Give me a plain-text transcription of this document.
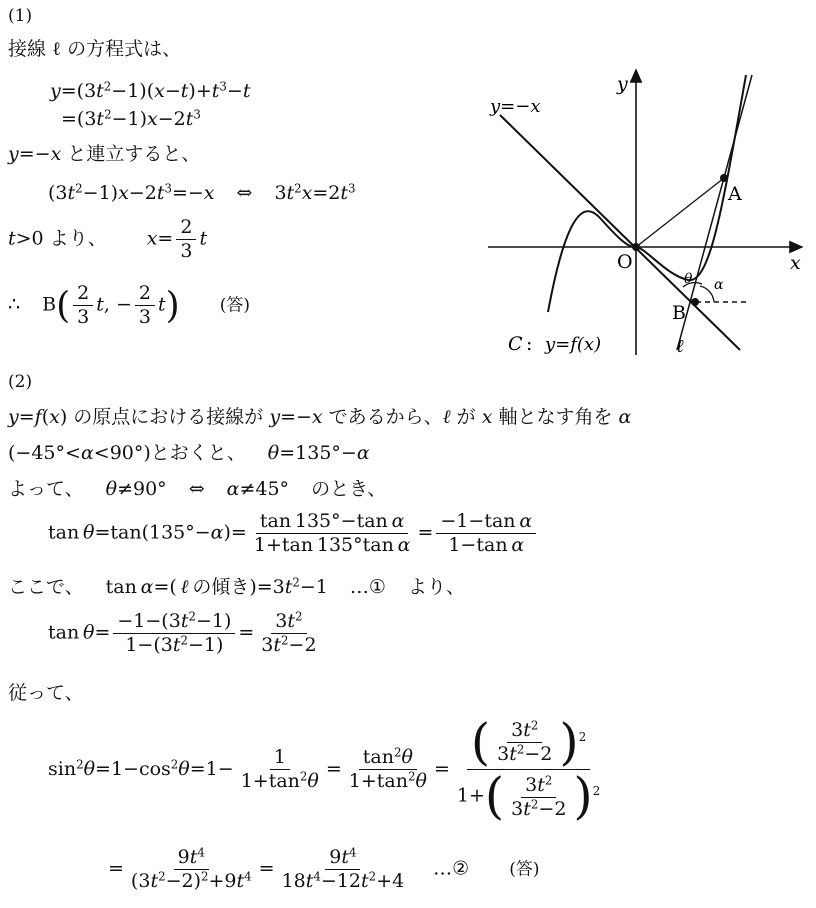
(1)
接線 ℓ の方程式は、
$y=(3t^2-1)(x-t)+t^3-t$
$=(3t^2-1)x-2t^3$
y=−x と連立すると、
$(3t^2-1)x-2t^3=-x$ ⇔ $3t^2x=2t^3$
t>0 より、 $x= \frac{2}{3}$ t
∴ $B( \frac{2}{3} t$, − $\frac{2}{3} t$) (答)
y
x
y=−x
O
A
B
θ α
C : y=f(x)	ℓ
(2)
y=f(x) の原点における接線が y=−x であるから、ℓ が x 軸となす角を α
(−45°<α<90°)とおくと、 θ=135°−α
よって、 θ≠90° ⇔ α≠45° のとき、
$\tan \theta=\tan(135^\circ-\alpha)= \frac{\text{tan 135°−tan α}}{\text{1+tan 135°tan α}} = \frac{\text{−1−tan α}}{\text{1−tan α}}$
ここで、 tan α=( ℓ の傾き)$=3t^2-1$ …① より、
$\tan \theta= \frac{-1-(3t^2-1)}{1-(3t^2-1)} = \frac{3t^2}{3t^2-2}$
従って、
$\sin^2\theta=1-\cos^2\theta=1- \frac{1}{1+\tan^2\theta} = \frac{\tan^2\theta}{1+\tan^2\theta} = \frac{( \frac{3t^2}{3t^2-2} )^2}{1+( \frac{3t^2}{3t^2-2} )^2}$
= $\frac{9t^4}{(3t^2-2)^2+9t^4} = \frac{9t^4}{18t^4-12t^2+4}$ …② (答)
